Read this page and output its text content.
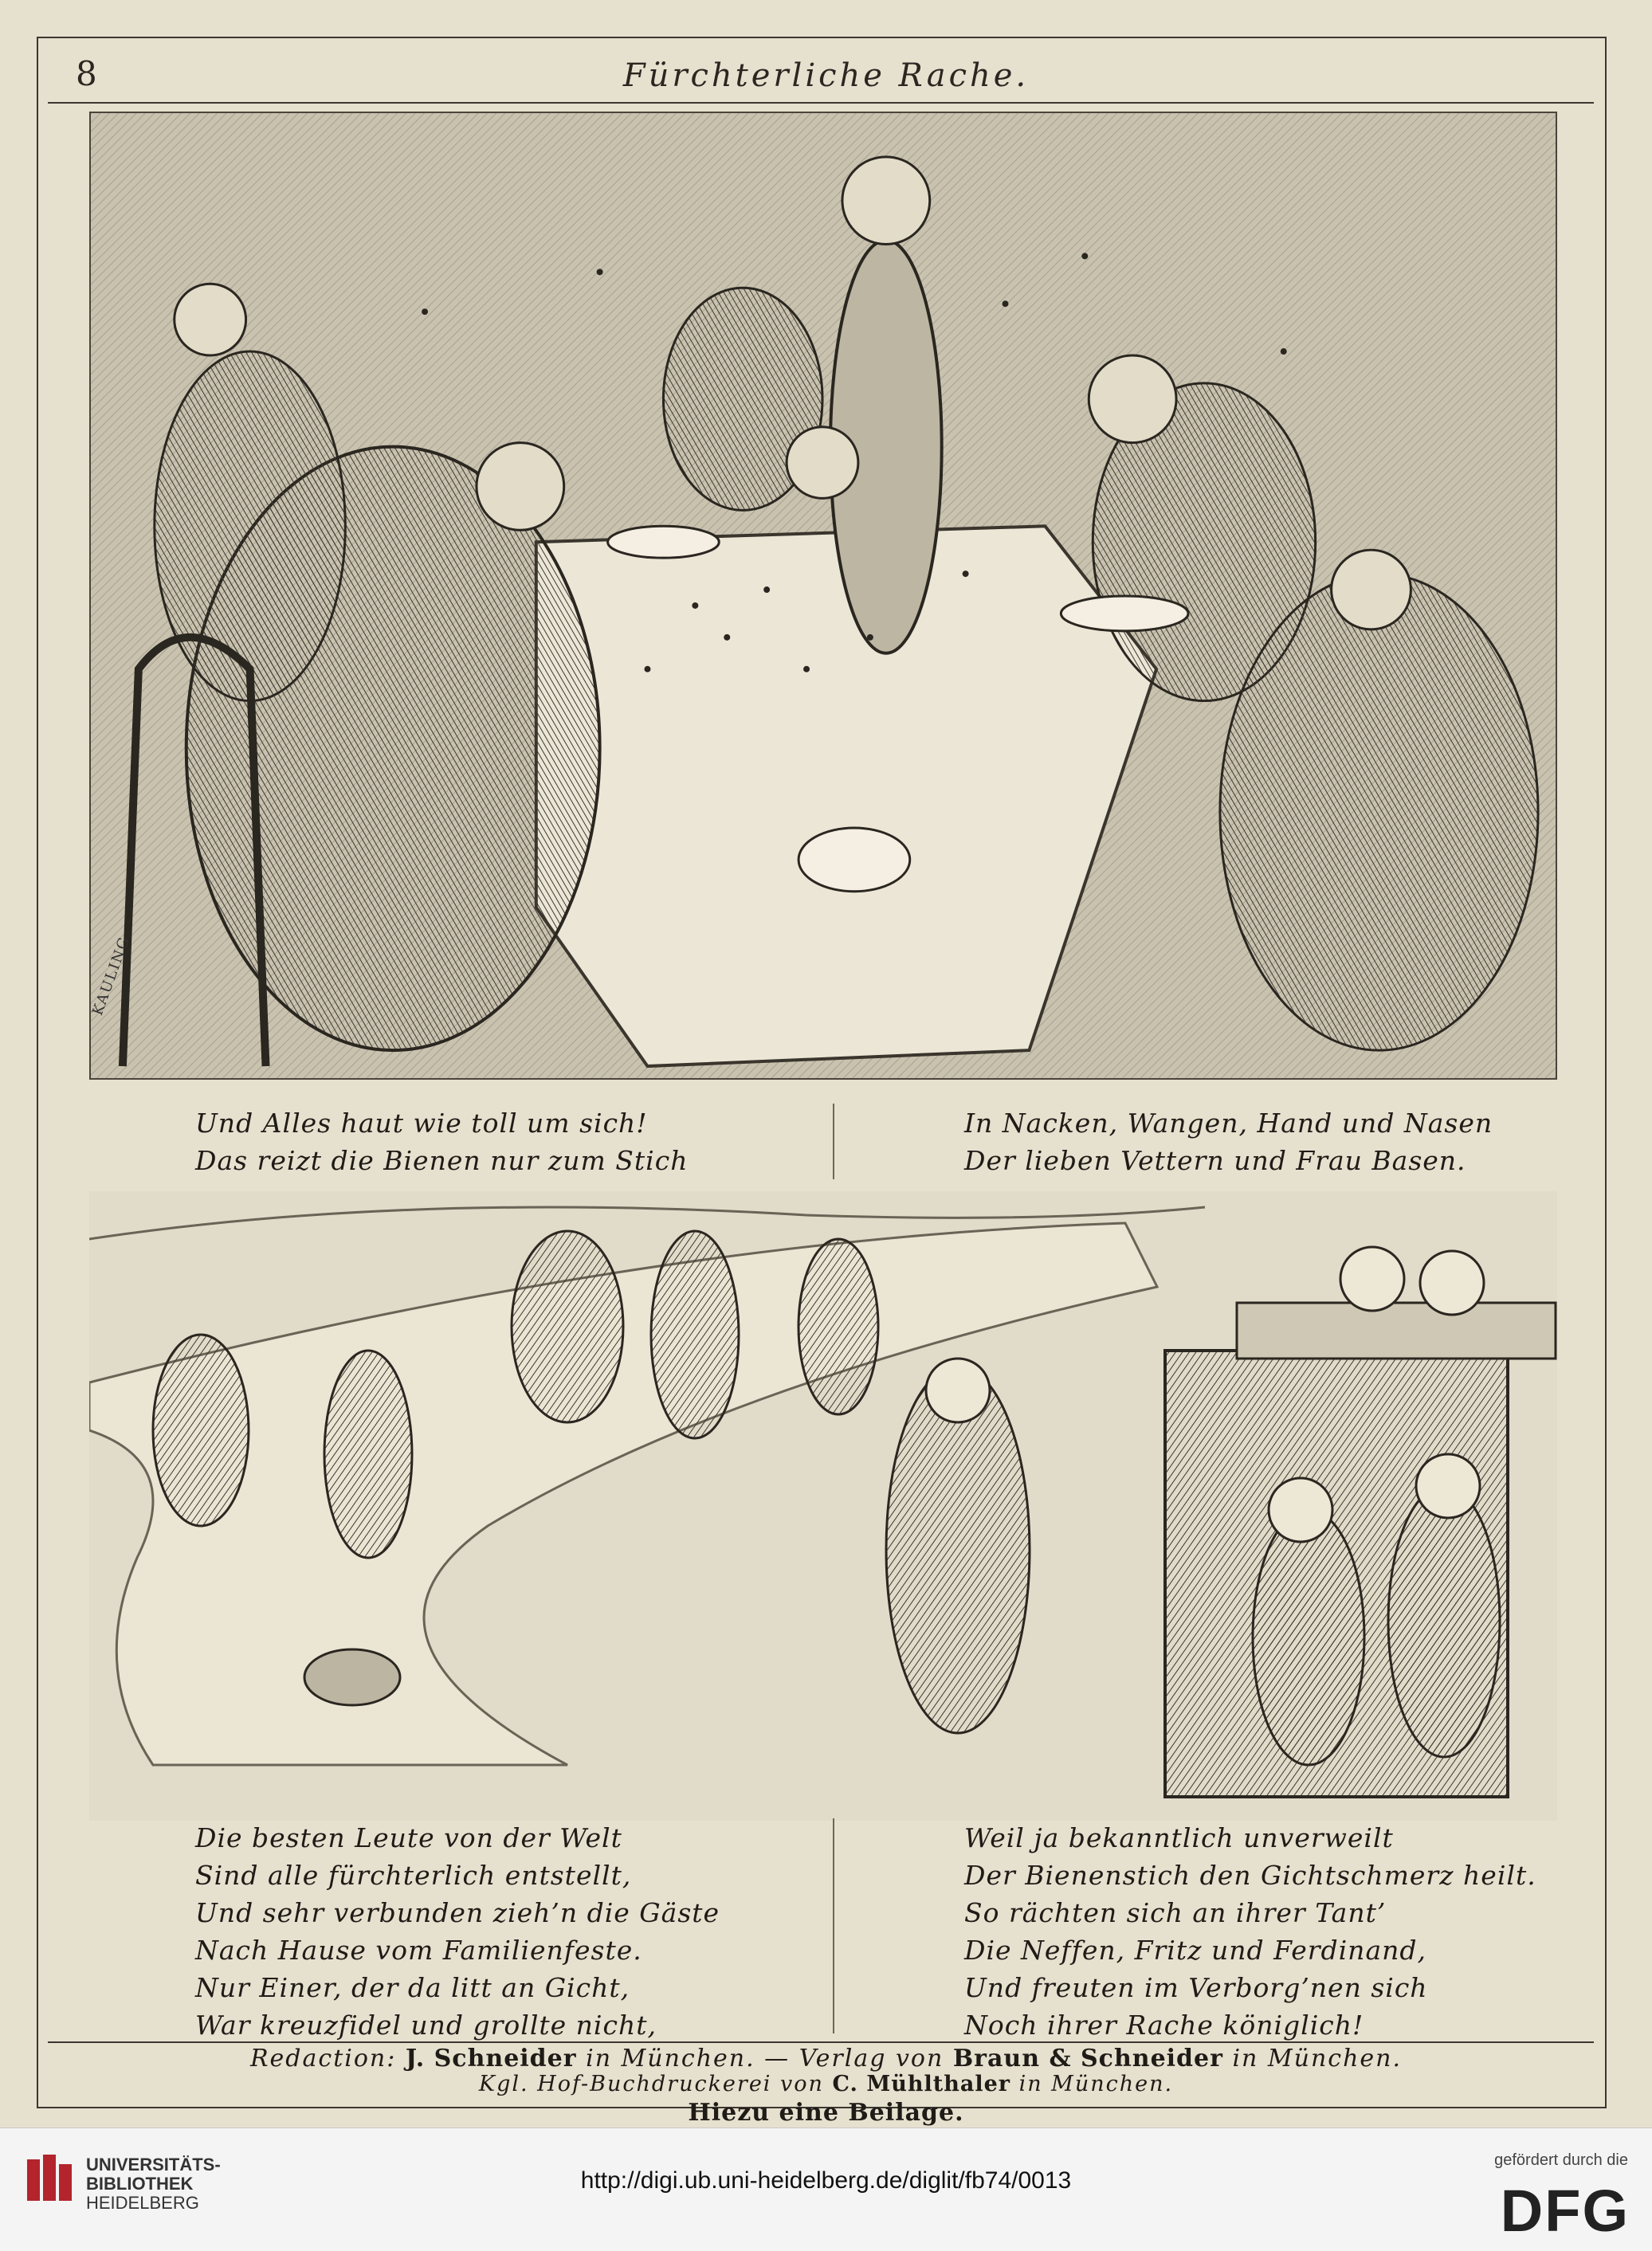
8	Fürchterliche Rache.
KAULING
Und Alles haut wie toll um sich!
Das reizt die Bienen nur zum Stich
In Nacken, Wangen, Hand und Nasen
Der lieben Vettern und Frau Basen.
Die besten Leute von der Welt
Sind alle fürchterlich entstellt,
Und sehr verbunden zieh’n die Gäste
Nach Hause vom Familienfeste.
Nur Einer, der da litt an Gicht,
War kreuzfidel und grollte nicht,
Weil ja bekanntlich unverweilt
Der Bienenstich den Gichtschmerz heilt.
So rächten sich an ihrer Tant’
Die Neffen, Fritz und Ferdinand,
Und freuten im Verborg’nen sich
Noch ihrer Rache königlich!
Redaction: J. Schneider in München. — Verlag von Braun & Schneider in München.
Kgl. Hof-Buchdruckerei von C. Mühlthaler in München.
Hiezu eine Beilage.
UNIVERSITÄTS-
BIBLIOTHEK
HEIDELBERG
http://digi.ub.uni-heidelberg.de/diglit/fb74/0013
gefördert durch die
DFG
